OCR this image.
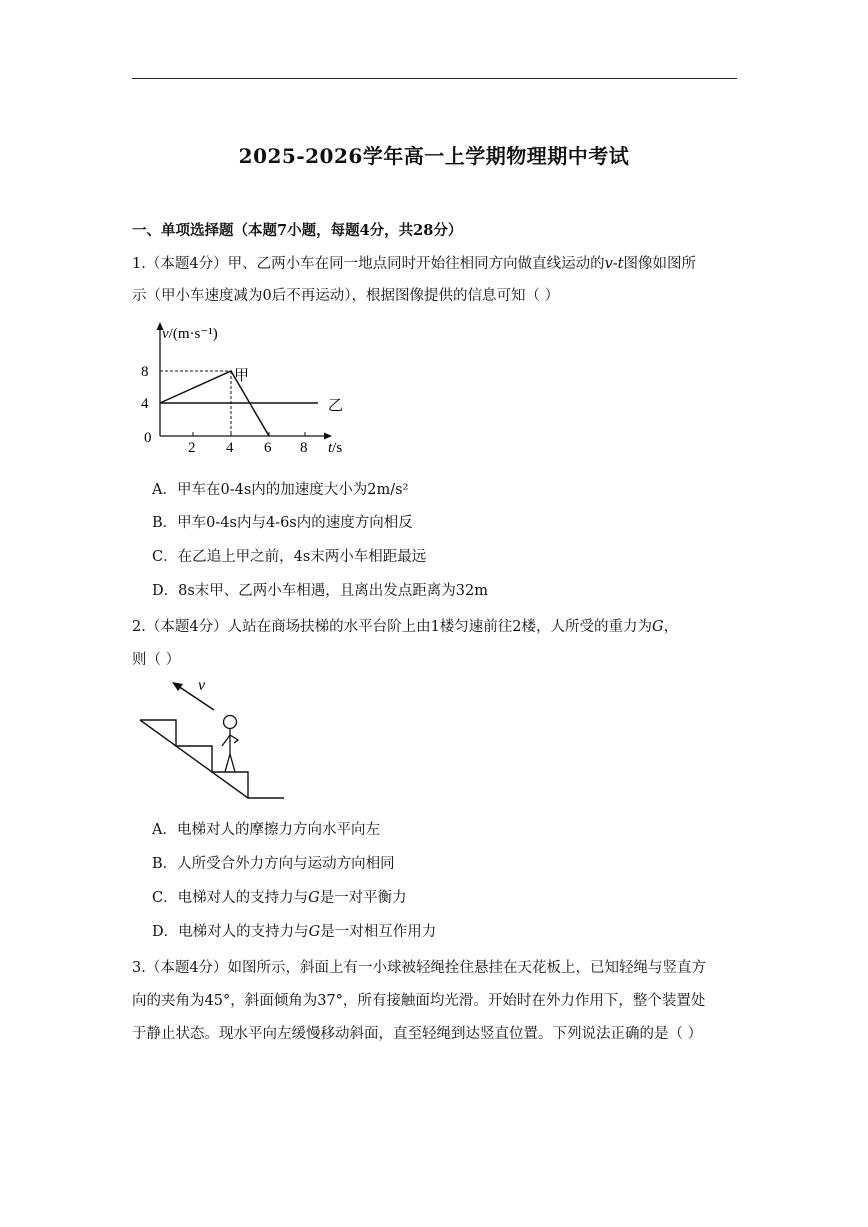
2025-2026学年高一上学期物理期中考试
一、单项选择题（本题7小题，每题4分，共28分）
1.（本题4分）甲、乙两小车在同一地点同时开始往相同方向做直线运动的v-t图像如图所
示（甲小车速度减为0后不再运动），根据图像提供的信息可知（ ）
v/(m·s⁻¹)
8
4
0
2 4 6 8 t/s
甲
乙
A．甲车在0-4s内的加速度大小为2m/s²
B．甲车0-4s内与4-6s内的速度方向相反
C．在乙追上甲之前，4s末两小车相距最远
D．8s末甲、乙两小车相遇，且离出发点距离为32m
2.（本题4分）人站在商场扶梯的水平台阶上由1楼匀速前往2楼，人所受的重力为G，
则（ ）
v
A．电梯对人的摩擦力方向水平向左
B．人所受合外力方向与运动方向相同
C．电梯对人的支持力与G是一对平衡力
D．电梯对人的支持力与G是一对相互作用力
3.（本题4分）如图所示，斜面上有一小球被轻绳拴住悬挂在天花板上，已知轻绳与竖直方
向的夹角为45°，斜面倾角为37°，所有接触面均光滑。开始时在外力作用下，整个装置处
于静止状态。现水平向左缓慢移动斜面，直至轻绳到达竖直位置。下列说法正确的是（ ）
